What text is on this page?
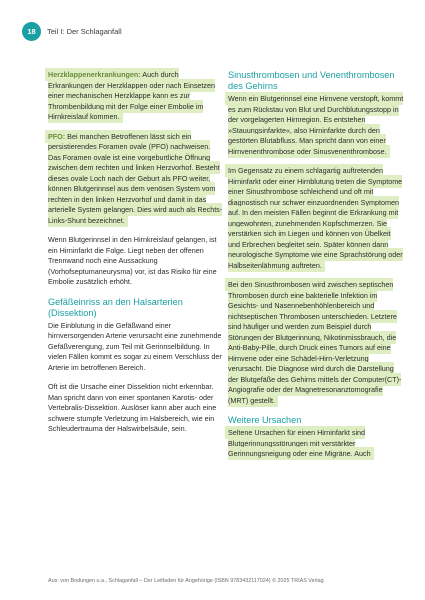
18	Teil I: Der Schlaganfall

Herzklappenerkrankungen: Auch durch Erkrankungen der Herzklappen oder nach Einsetzen einer mechanischen Herzklappe kann es zur Thrombenbildung mit der Folge einer Embolie im Hirnkreislauf kommen.

PFO: Bei manchen Betroffenen lässt sich ein persistierendes Foramen ovale (PFO) nachweisen. Das Foramen ovale ist eine vorgeburtliche Öffnung zwischen dem rechten und linken Herzvorhof. Besteht dieses ovale Loch nach der Geburt als PFO weiter, können Blutgerinnsel aus dem venösen System vom rechten in den linken Herzvorhof und damit in das arterielle System gelangen. Dies wird auch als Rechts-Links-Shunt bezeichnet.

Wenn Blutgerinnsel in den Hirnkreislauf gelangen, ist ein Hirninfarkt die Folge. Liegt neben der offenen Trennwand noch eine Aussackung (Vorhofseptumaneurysma) vor, ist das Risiko für eine Embolie zusätzlich erhöht.

Gefäßeinriss an den Halsarterien (Dissektion)

Die Einblutung in die Gefäßwand einer hirnversorgenden Arterie verursacht eine zunehmende Gefäßverengung, zum Teil mit Gerinnselbildung. In vielen Fällen kommt es sogar zu einem Verschluss der Arterie im betroffenen Bereich.

Oft ist die Ursache einer Dissektion nicht erkennbar. Man spricht dann von einer spontanen Karotis- oder Vertebralis-Dissektion. Auslöser kann aber auch eine schwere stumpfe Verletzung im Halsbereich, wie ein Schleudertrauma der Halswirbelsäule, sein.

Sinusthrombosen und Venenthrombosen des Gehirns

Wenn ein Blutgerinnsel eine Hirnvene verstopft, kommt es zum Rückstau von Blut und Durchblutungsstopp in der vorgelagerten Hirnregion. Es entstehen »Stauungsinfarkte«, also Hirninfarkte durch den gestörten Blutabfluss. Man spricht dann von einer Hirnvenenthrombose oder Sinusvenenthrombose.

Im Gegensatz zu einem schlagartig auftretenden Hirninfarkt oder einer Hirnblutung treten die Symptome einer Sinusthrombose schleichend und oft mit diagnostisch nur schwer einzuordnenden Symptomen auf. In den meisten Fällen beginnt die Erkrankung mit ungewohnten, zunehmenden Kopfschmerzen. Sie verstärken sich im Liegen und können von Übelkeit und Erbrechen begleitet sein. Später können dann neurologische Symptome wie eine Sprachstörung oder Halbseitenlähmung auftreten.

Bei den Sinusthrombosen wird zwischen septischen Thrombosen durch eine bakterielle Infektion im Gesichts- und Nasennebenhöhlenbereich und nichtseptischen Thrombosen unterschieden. Letztere sind häufiger und werden zum Beispiel durch Störungen der Blutgerinnung, Nikotinmissbrauch, die Anti-Baby-Pille, durch Druck eines Tumors auf eine Hirnvene oder eine Schädel-Hirn-Verletzung verursacht. Die Diagnose wird durch die Darstellung der Blutgefäße des Gehirns mittels der Computer(CT)-Angiografie oder der Magnetresonanztomografie (MRT) gestellt.

Weitere Ursachen

Seltene Ursachen für einen Hirninfarkt sind Blutgerinnungsstörungen mit verstärkter Gerinnungsneigung oder eine Migräne. Auch

Aus: von Bodungen u.a., Schlaganfall – Der Leitfaden für Angehörige (ISBN 9783432117024) © 2025 TRIAS Verlag
